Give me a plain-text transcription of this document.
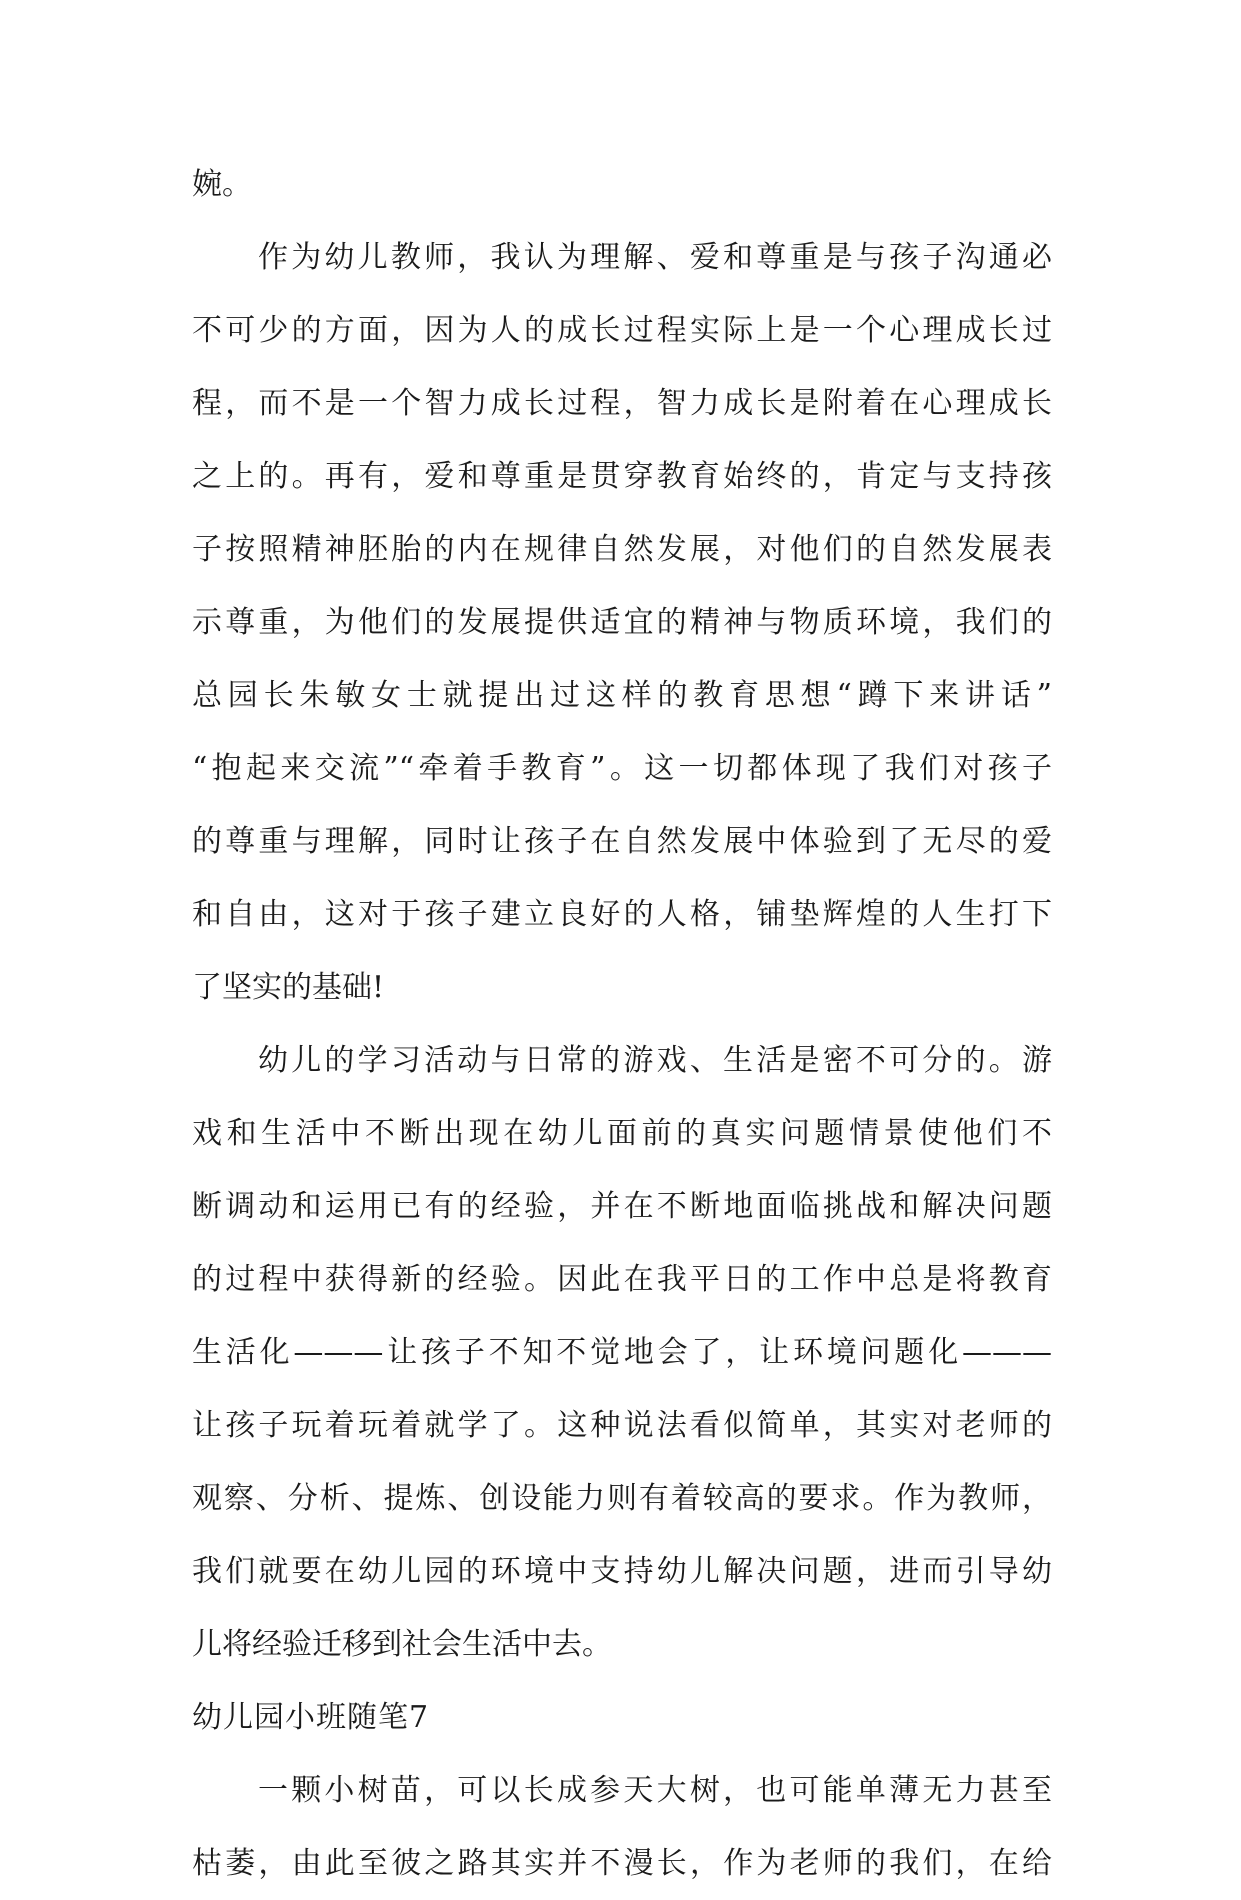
婉。
作为幼儿教师，我认为理解、爱和尊重是与孩子沟通必
不可少的方面，因为人的成长过程实际上是一个心理成长过
程，而不是一个智力成长过程，智力成长是附着在心理成长
之上的。再有，爱和尊重是贯穿教育始终的，肯定与支持孩
子按照精神胚胎的内在规律自然发展，对他们的自然发展表
示尊重，为他们的发展提供适宜的精神与物质环境，我们的
总园长朱敏女士就提出过这样的教育思想“蹲下来讲话”
“抱起来交流”“牵着手教育”。这一切都体现了我们对孩子
的尊重与理解，同时让孩子在自然发展中体验到了无尽的爱
和自由，这对于孩子建立良好的人格，铺垫辉煌的人生打下
了坚实的基础!
幼儿的学习活动与日常的游戏、生活是密不可分的。游
戏和生活中不断出现在幼儿面前的真实问题情景使他们不
断调动和运用已有的经验，并在不断地面临挑战和解决问题
的过程中获得新的经验。因此在我平日的工作中总是将教育
生活化———让孩子不知不觉地会了，让环境问题化———
让孩子玩着玩着就学了。这种说法看似简单，其实对老师的
观察、分析、提炼、创设能力则有着较高的要求。作为教师，
我们就要在幼儿园的环境中支持幼儿解决问题，进而引导幼
儿将经验迁移到社会生活中去。
幼儿园小班随笔7
一颗小树苗，可以长成参天大树，也可能单薄无力甚至
枯萎，由此至彼之路其实并不漫长，作为老师的我们，在给
